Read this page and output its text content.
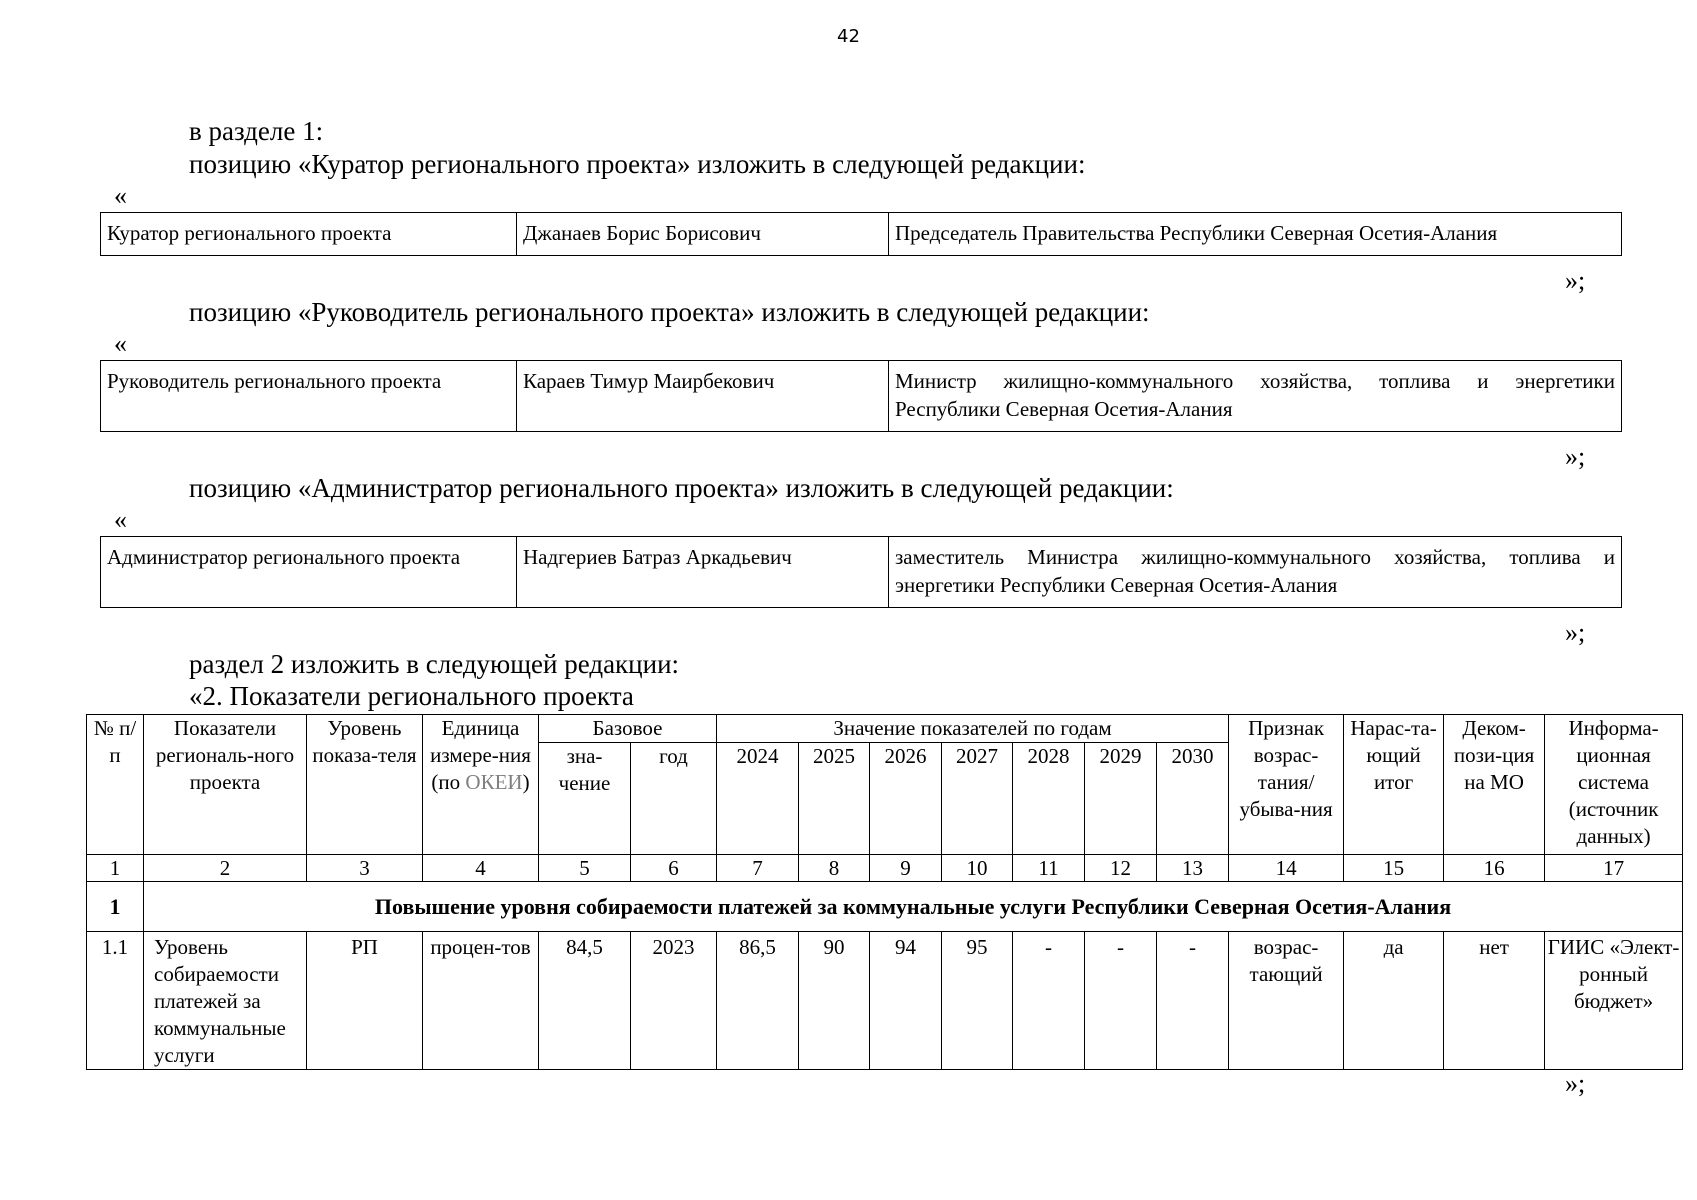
42
в разделе 1:
позицию «Куратор регионального проекта» изложить в следующей редакции:
«
Куратор регионального проекта	Джанаев Борис Борисович	Председатель Правительства Республики Северная Осетия-Алания
»;
позицию «Руководитель регионального проекта» изложить в следующей редакции:
«
Руководитель регионального проекта	Караев Тимур Маирбекович	Министр жилищно-коммунального хозяйства, топлива и энергетики Республики Северная Осетия-Алания
»;
позицию «Администратор регионального проекта» изложить в следующей редакции:
«
Администратор регионального проекта	Надгериев Батраз Аркадьевич	заместитель Министра жилищно-коммунального хозяйства, топлива и энергетики Республики Северная Осетия-Алания
»;
раздел 2 изложить в следующей редакции:
«2. Показатели регионального проекта
№ п/п	Показатели региональ-ного проекта	Уровень показа-теля	Единица измере-ния (по ОКЕИ)	Базовое		Значение показателей по годам							Признак возрас-тания/ убыва-ния	Нарас-та-ющий итог	Деком-пози-ция на МО	Информа-ционная система (источник данных)
				зна-чение	год	2024	2025	2026	2027	2028	2029	2030				
1	2	3	4	5	6	7	8	9	10	11	12	13	14	15	16	17
1	Повышение уровня собираемости платежей за коммунальные услуги Республики Северная Осетия-Алания															
1.1	Уровень собираемости платежей за коммунальные услуги	РП	процен-тов	84,5	2023	86,5	90	94	95	-	-	-	возрас-тающий	да	нет	ГИИС «Элект-ронный бюджет»
»;
